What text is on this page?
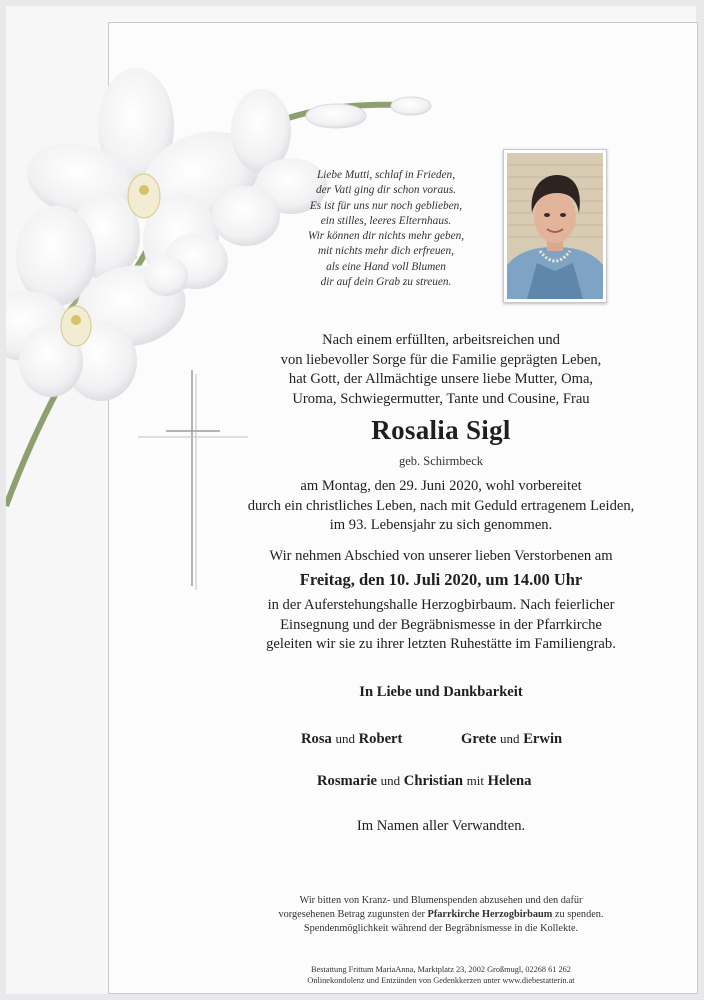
Liebe Mutti, schlaf in Frieden,
der Vati ging dir schon voraus.
Es ist für uns nur noch geblieben,
ein stilles, leeres Elternhaus.
Wir können dir nichts mehr geben,
mit nichts mehr dich erfreuen,
als eine Hand voll Blumen
dir auf dein Grab zu streuen.
Nach einem erfüllten, arbeitsreichen und
von liebevoller Sorge für die Familie geprägten Leben,
hat Gott, der Allmächtige unsere liebe Mutter, Oma,
Uroma, Schwiegermutter, Tante und Cousine, Frau
Rosalia Sigl
geb. Schirmbeck
am Montag, den 29. Juni 2020, wohl vorbereitet
durch ein christliches Leben, nach mit Geduld ertragenem Leiden,
im 93. Lebensjahr zu sich genommen.
Wir nehmen Abschied von unserer lieben Verstorbenen am
Freitag, den 10. Juli 2020, um 14.00 Uhr
in der Auferstehungshalle Herzogbirbaum. Nach feierlicher
Einsegnung und der Begräbnismesse in der Pfarrkirche
geleiten wir sie zu ihrer letzten Ruhestätte im Familiengrab.
In Liebe und Dankbarkeit
Rosa und Robert	Grete und Erwin
Rosmarie und Christian mit Helena
Im Namen aller Verwandten.
Wir bitten von Kranz- und Blumenspenden abzusehen und den dafür
vorgesehenen Betrag zugunsten der Pfarrkirche Herzogbirbaum zu spenden.
Spendenmöglichkeit während der Begräbnismesse in die Kollekte.
Bestattung Frittum MariaAnna, Marktplatz 23, 2002 Großmugl, 02268 61 262
Onlinekondolenz und Entzünden von Gedenkkerzen unter www.diebestatterin.at
